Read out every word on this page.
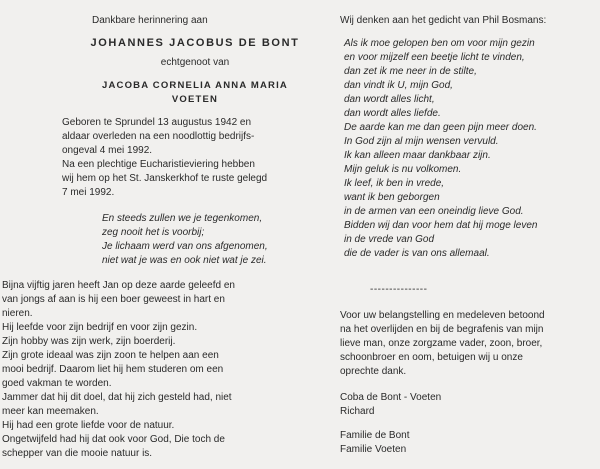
Dankbare herinnering aan
JOHANNES JACOBUS DE BONT
echtgenoot van
JACOBA CORNELIA ANNA MARIA
VOETEN
Geboren te Sprundel 13 augustus 1942 en
aldaar overleden na een noodlottig bedrijfs-
ongeval 4 mei 1992.
Na een plechtige Eucharistieviering hebben
wij hem op het St. Janskerkhof te ruste gelegd
7 mei 1992.
En steeds zullen we je tegenkomen,
zeg nooit het is voorbij;
Je lichaam werd van ons afgenomen,
niet wat je was en ook niet wat je zei.
Bijna vijftig jaren heeft Jan op deze aarde geleefd en
van jongs af aan is hij een boer geweest in hart en
nieren.
Hij leefde voor zijn bedrijf en voor zijn gezin.
Zijn hobby was zijn werk, zijn boerderij.
Zijn grote ideaal was zijn zoon te helpen aan een
mooi bedrijf. Daarom liet hij hem studeren om een
goed vakman te worden.
Jammer dat hij dit doel, dat hij zich gesteld had, niet
meer kan meemaken.
Hij had een grote liefde voor de natuur.
Ongetwijfeld had hij dat ook voor God, Die toch de
schepper van die mooie natuur is.
Wij denken aan het gedicht van Phil Bosmans:
Als ik moe gelopen ben om voor mijn gezin
en voor mijzelf een beetje licht te vinden,
dan zet ik me neer in de stilte,
dan vindt ik U, mijn God,
dan wordt alles licht,
dan wordt alles liefde.
De aarde kan me dan geen pijn meer doen.
In God zijn al mijn wensen vervuld.
Ik kan alleen maar dankbaar zijn.
Mijn geluk is nu volkomen.
Ik leef, ik ben in vrede,
want ik ben geborgen
in de armen van een oneindig lieve God.
Bidden wij dan voor hem dat hij moge leven
in de vrede van God
die de vader is van ons allemaal.
---------------
Voor uw belangstelling en medeleven betoond
na het overlijden en bij de begrafenis van mijn
lieve man, onze zorgzame vader, zoon, broer,
schoonbroer en oom, betuigen wij u onze
oprechte dank.
Coba de Bont - Voeten
Richard
Familie de Bont
Familie Voeten
